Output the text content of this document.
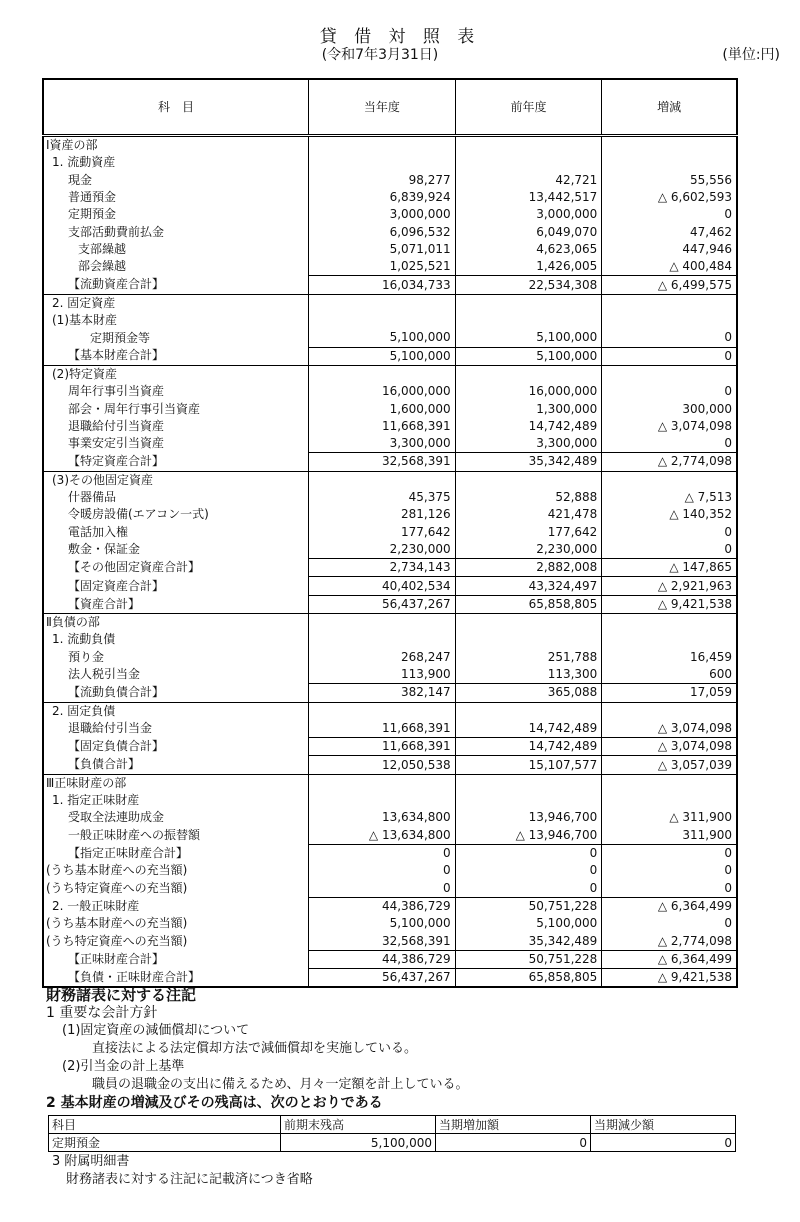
貸 借 対 照 表
(令和7年3月31日)	(単位:円)
科　目	当年度	前年度	増減
Ⅰ資産の部			
1. 流動資産			
現金	98,277	42,721	55,556
普通預金	6,839,924	13,442,517	△ 6,602,593
定期預金	3,000,000	3,000,000	0
支部活動費前払金	6,096,532	6,049,070	47,462
支部繰越	5,071,011	4,623,065	447,946
部会繰越	1,025,521	1,426,005	△ 400,484
【流動資産合計】	16,034,733	22,534,308	△ 6,499,575
2. 固定資産			
(1)基本財産			
定期預金等	5,100,000	5,100,000	0
【基本財産合計】	5,100,000	5,100,000	0
(2)特定資産			
周年行事引当資産	16,000,000	16,000,000	0
部会・周年行事引当資産	1,600,000	1,300,000	300,000
退職給付引当資産	11,668,391	14,742,489	△ 3,074,098
事業安定引当資産	3,300,000	3,300,000	0
【特定資産合計】	32,568,391	35,342,489	△ 2,774,098
(3)その他固定資産			
什器備品	45,375	52,888	△ 7,513
令暖房設備(エアコン一式)	281,126	421,478	△ 140,352
電話加入権	177,642	177,642	0
敷金・保証金	2,230,000	2,230,000	0
【その他固定資産合計】	2,734,143	2,882,008	△ 147,865
【固定資産合計】	40,402,534	43,324,497	△ 2,921,963
【資産合計】	56,437,267	65,858,805	△ 9,421,538
Ⅱ負債の部			
1. 流動負債			
預り金	268,247	251,788	16,459
法人税引当金	113,900	113,300	600
【流動負債合計】	382,147	365,088	17,059
2. 固定負債			
退職給付引当金	11,668,391	14,742,489	△ 3,074,098
【固定負債合計】	11,668,391	14,742,489	△ 3,074,098
【負債合計】	12,050,538	15,107,577	△ 3,057,039
Ⅲ正味財産の部			
1. 指定正味財産			
受取全法連助成金	13,634,800	13,946,700	△ 311,900
一般正味財産への振替額	△ 13,634,800	△ 13,946,700	311,900
【指定正味財産合計】	0	0	0
(うち基本財産への充当額)	0	0	0
(うち特定資産への充当額)	0	0	0
2. 一般正味財産	44,386,729	50,751,228	△ 6,364,499
(うち基本財産への充当額)	5,100,000	5,100,000	0
(うち特定資産への充当額)	32,568,391	35,342,489	△ 2,774,098
【正味財産合計】	44,386,729	50,751,228	△ 6,364,499
【負債・正味財産合計】	56,437,267	65,858,805	△ 9,421,538
財務諸表に対する注記
1 重要な会計方針
(1)固定資産の減価償却について
直接法による法定償却方法で減価償却を実施している。
(2)引当金の計上基準
職員の退職金の支出に備えるため、月々一定額を計上している。
2 基本財産の増減及びその残高は、次のとおりである
科目	前期末残高	当期増加額	当期減少額
定期預金	5,100,000	0	0
3 附属明細書
財務諸表に対する注記に記載済につき省略
